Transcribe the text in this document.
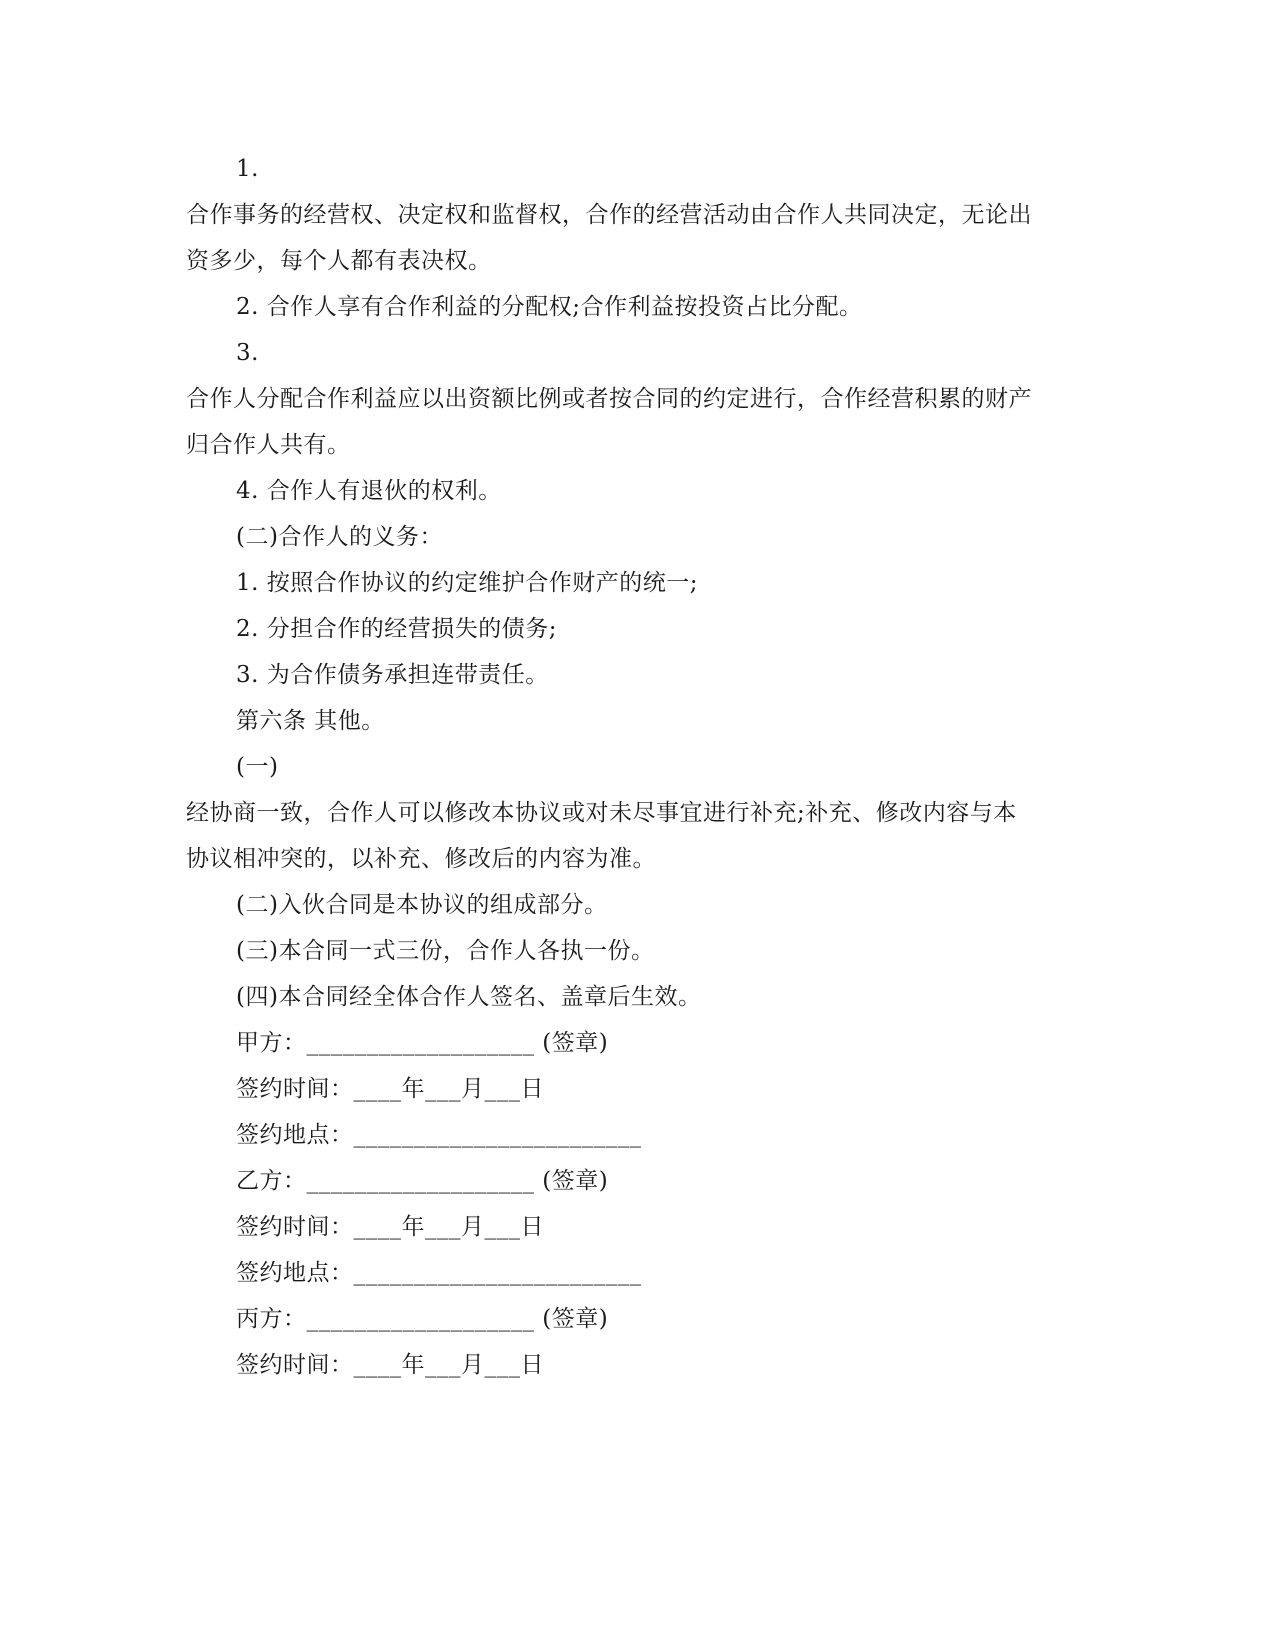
1.
合作事务的经营权、决定权和监督权，合作的经营活动由合作人共同决定，无论出
资多少，每个人都有表决权。
2. 合作人享有合作利益的分配权;合作利益按投资占比分配。
3.
合作人分配合作利益应以出资额比例或者按合同的约定进行，合作经营积累的财产
归合作人共有。
4. 合作人有退伙的权利。
(二)合作人的义务：
1. 按照合作协议的约定维护合作财产的统一;
2. 分担合作的经营损失的债务;
3. 为合作债务承担连带责任。
第六条 其他。
(一)
经协商一致，合作人可以修改本协议或对未尽事宜进行补充;补充、修改内容与本
协议相冲突的，以补充、修改后的内容为准。
(二)入伙合同是本协议的组成部分。
(三)本合同一式三份，合作人各执一份。
(四)本合同经全体合作人签名、盖章后生效。
甲方：___________________ (签章)
签约时间：____年___月___日
签约地点：________________________
乙方：___________________ (签章)
签约时间：____年___月___日
签约地点：________________________
丙方：___________________ (签章)
签约时间：____年___月___日
